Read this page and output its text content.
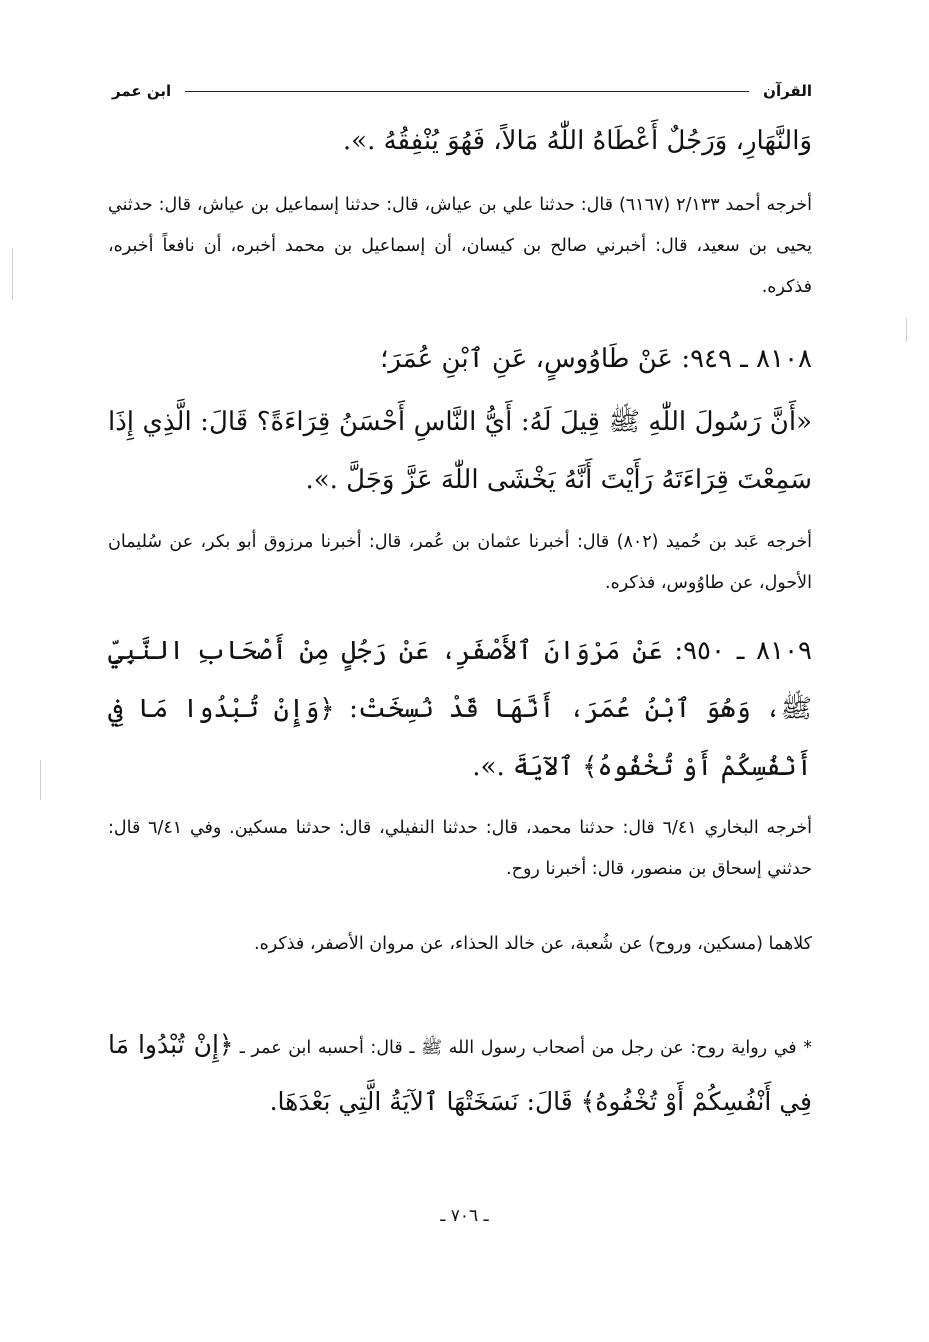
القرآن
ابن عمر
وَالنَّهَارِ، وَرَجُلٌ أَعْطَاهُ اللّٰهُ مَالاً، فَهُوَ يُنْفِقُهُ .».
أخرجه أحمد ٢/١٣٣ (٦١٦٧) قال: حدثنا علي بن عياش، قال: حدثنا إسماعيل بن عياش، قال: حدثني يحيى بن سعيد، قال: أخبرني صالح بن كيسان، أن إسماعيل بن محمد أخبره، أن نافعاً أخبره، فذكره.
٨١٠٨ ـ ٩٤٩: عَنْ طَاوُوسٍ، عَنِ ٱبْنِ عُمَرَ؛
«أَنَّ رَسُولَ اللّٰهِ ﷺ قِيلَ لَهُ: أَيُّ النَّاسِ أَحْسَنُ قِرَاءَةً؟ قَالَ: الَّذِي إِذَا سَمِعْتَ قِرَاءَتَهُ رَأَيْتَ أَنَّهُ يَخْشَى اللّٰهَ عَزَّ وَجَلَّ .».
أخرجه عَبد بن حُميد (٨٠٢) قال: أخبرنا عثمان بن عُمر، قال: أخبرنا مرزوق أبو بكر، عن سُليمان الأحول، عن طاوُوس، فذكره.
٨١٠٩ ـ ٩٥٠: عَنْ مَرْوَانَ ٱلأَصْفَرِ، عَنْ رَجُلٍ مِنْ أَصْحَابِ النَّبِيِّ ﷺ، وَهُوَ ٱبْنُ عُمَرَ، أَنَّهَا قَدْ نُسِخَتْ: ﴿وَإِنْ تُبْدُوا مَا فِي أَنْفُسِكُمْ أَوْ تُخْفُوهُ﴾ ٱلآيَةَ .».
أخرجه البخاري ٦/٤١ قال: حدثنا محمد، قال: حدثنا النفيلي، قال: حدثنا مسكين. وفي ٦/٤١ قال: حدثني إسحاق بن منصور، قال: أخبرنا روح.
كلاهما (مسكين، وروح) عن شُعبة، عن خالد الحذاء، عن مروان الأصفر، فذكره.
* في رواية روح: عن رجل من أصحاب رسول الله ﷺ ـ قال: أحسبه ابن عمر ـ ﴿إِنْ تُبْدُوا مَا فِي أَنْفُسِكُمْ أَوْ تُخْفُوهُ﴾ قَالَ: نَسَخَتْهَا ٱلآيَةُ الَّتِي بَعْدَهَا.
ـ ٧٠٦ ـ
